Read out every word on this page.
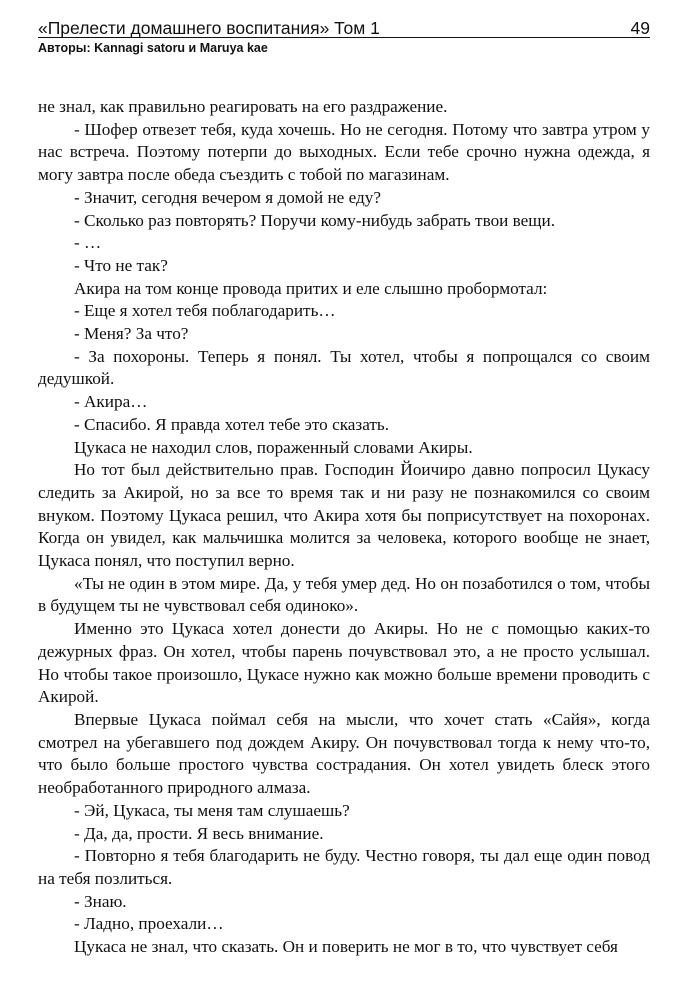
«Прелести домашнего воспитания» Том 1	49
Авторы: Kannagi satoru и Maruya kae

не знал, как правильно реагировать на его раздражение.

- Шофер отвезет тебя, куда хочешь. Но не сегодня. Потому что завтра утром у нас встреча. Поэтому потерпи до выходных. Если тебе срочно нужна одежда, я могу завтра после обеда съездить с тобой по магазинам.

- Значит, сегодня вечером я домой не еду?

- Сколько раз повторять? Поручи кому-нибудь забрать твои вещи.

- …

- Что не так?

Акира на том конце провода притих и еле слышно пробормотал:

- Еще я хотел тебя поблагодарить…

- Меня? За что?

- За похороны. Теперь я понял. Ты хотел, чтобы я попрощался со своим дедушкой.

- Акира…

- Спасибо. Я правда хотел тебе это сказать.

Цукаса не находил слов, пораженный словами Акиры.

Но тот был действительно прав. Господин Йоичиро давно попросил Цукасу следить за Акирой, но за все то время так и ни разу не познакомился со своим внуком. Поэтому Цукаса решил, что Акира хотя бы поприсутствует на похоронах. Когда он увидел, как мальчишка молится за человека, которого вообще не знает, Цукаса понял, что поступил верно.

«Ты не один в этом мире. Да, у тебя умер дед. Но он позаботился о том, чтобы в будущем ты не чувствовал себя одиноко».

Именно это Цукаса хотел донести до Акиры. Но не с помощью каких-то дежурных фраз. Он хотел, чтобы парень почувствовал это, а не просто услышал. Но чтобы такое произошло, Цукасе нужно как можно больше времени проводить с Акирой.

Впервые Цукаса поймал себя на мысли, что хочет стать «Сайя», когда смотрел на убегавшего под дождем Акиру. Он почувствовал тогда к нему что-то, что было больше простого чувства сострадания. Он хотел увидеть блеск этого необработанного природного алмаза.

- Эй, Цукаса, ты меня там слушаешь?

- Да, да, прости. Я весь внимание.

- Повторно я тебя благодарить не буду. Честно говоря, ты дал еще один повод на тебя позлиться.

- Знаю.

- Ладно, проехали…

Цукаса не знал, что сказать. Он и поверить не мог в то, что чувствует себя
